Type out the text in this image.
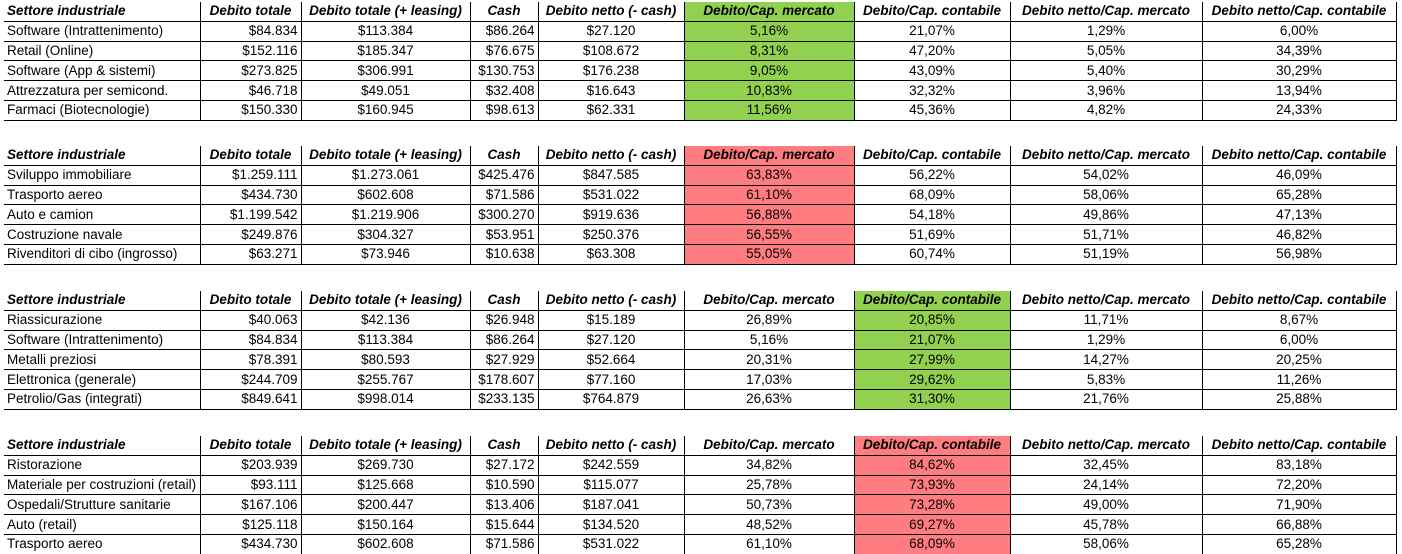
Settore industriale	Debito totale	Debito totale (+ leasing)	Cash	Debito netto (- cash)	Debito/Cap. mercato	Debito/Cap. contabile	Debito netto/Cap. mercato	Debito netto/Cap. contabile
Software (Intrattenimento)	$84.834	$113.384	$86.264	$27.120	5,16%	21,07%	1,29%	6,00%
Retail (Online)	$152.116	$185.347	$76.675	$108.672	8,31%	47,20%	5,05%	34,39%
Software (App & sistemi)	$273.825	$306.991	$130.753	$176.238	9,05%	43,09%	5,40%	30,29%
Attrezzatura per semicond.	$46.718	$49.051	$32.408	$16.643	10,83%	32,32%	3,96%	13,94%
Farmaci (Biotecnologie)	$150.330	$160.945	$98.613	$62.331	11,56%	45,36%	4,82%	24,33%
Settore industriale	Debito totale	Debito totale (+ leasing)	Cash	Debito netto (- cash)	Debito/Cap. mercato	Debito/Cap. contabile	Debito netto/Cap. mercato	Debito netto/Cap. contabile
Sviluppo immobiliare	$1.259.111	$1.273.061	$425.476	$847.585	63,83%	56,22%	54,02%	46,09%
Trasporto aereo	$434.730	$602.608	$71.586	$531.022	61,10%	68,09%	58,06%	65,28%
Auto e camion	$1.199.542	$1.219.906	$300.270	$919.636	56,88%	54,18%	49,86%	47,13%
Costruzione navale	$249.876	$304.327	$53.951	$250.376	56,55%	51,69%	51,71%	46,82%
Rivenditori di cibo (ingrosso)	$63.271	$73.946	$10.638	$63.308	55,05%	60,74%	51,19%	56,98%
Settore industriale	Debito totale	Debito totale (+ leasing)	Cash	Debito netto (- cash)	Debito/Cap. mercato	Debito/Cap. contabile	Debito netto/Cap. mercato	Debito netto/Cap. contabile
Riassicurazione	$40.063	$42.136	$26.948	$15.189	26,89%	20,85%	11,71%	8,67%
Software (Intrattenimento)	$84.834	$113.384	$86.264	$27.120	5,16%	21,07%	1,29%	6,00%
Metalli preziosi	$78.391	$80.593	$27.929	$52.664	20,31%	27,99%	14,27%	20,25%
Elettronica (generale)	$244.709	$255.767	$178.607	$77.160	17,03%	29,62%	5,83%	11,26%
Petrolio/Gas (integrati)	$849.641	$998.014	$233.135	$764.879	26,63%	31,30%	21,76%	25,88%
Settore industriale	Debito totale	Debito totale (+ leasing)	Cash	Debito netto (- cash)	Debito/Cap. mercato	Debito/Cap. contabile	Debito netto/Cap. mercato	Debito netto/Cap. contabile
Ristorazione	$203.939	$269.730	$27.172	$242.559	34,82%	84,62%	32,45%	83,18%
Materiale per costruzioni (retail)	$93.111	$125.668	$10.590	$115.077	25,78%	73,93%	24,14%	72,20%
Ospedali/Strutture sanitarie	$167.106	$200.447	$13.406	$187.041	50,73%	73,28%	49,00%	71,90%
Auto (retail)	$125.118	$150.164	$15.644	$134.520	48,52%	69,27%	45,78%	66,88%
Trasporto aereo	$434.730	$602.608	$71.586	$531.022	61,10%	68,09%	58,06%	65,28%
